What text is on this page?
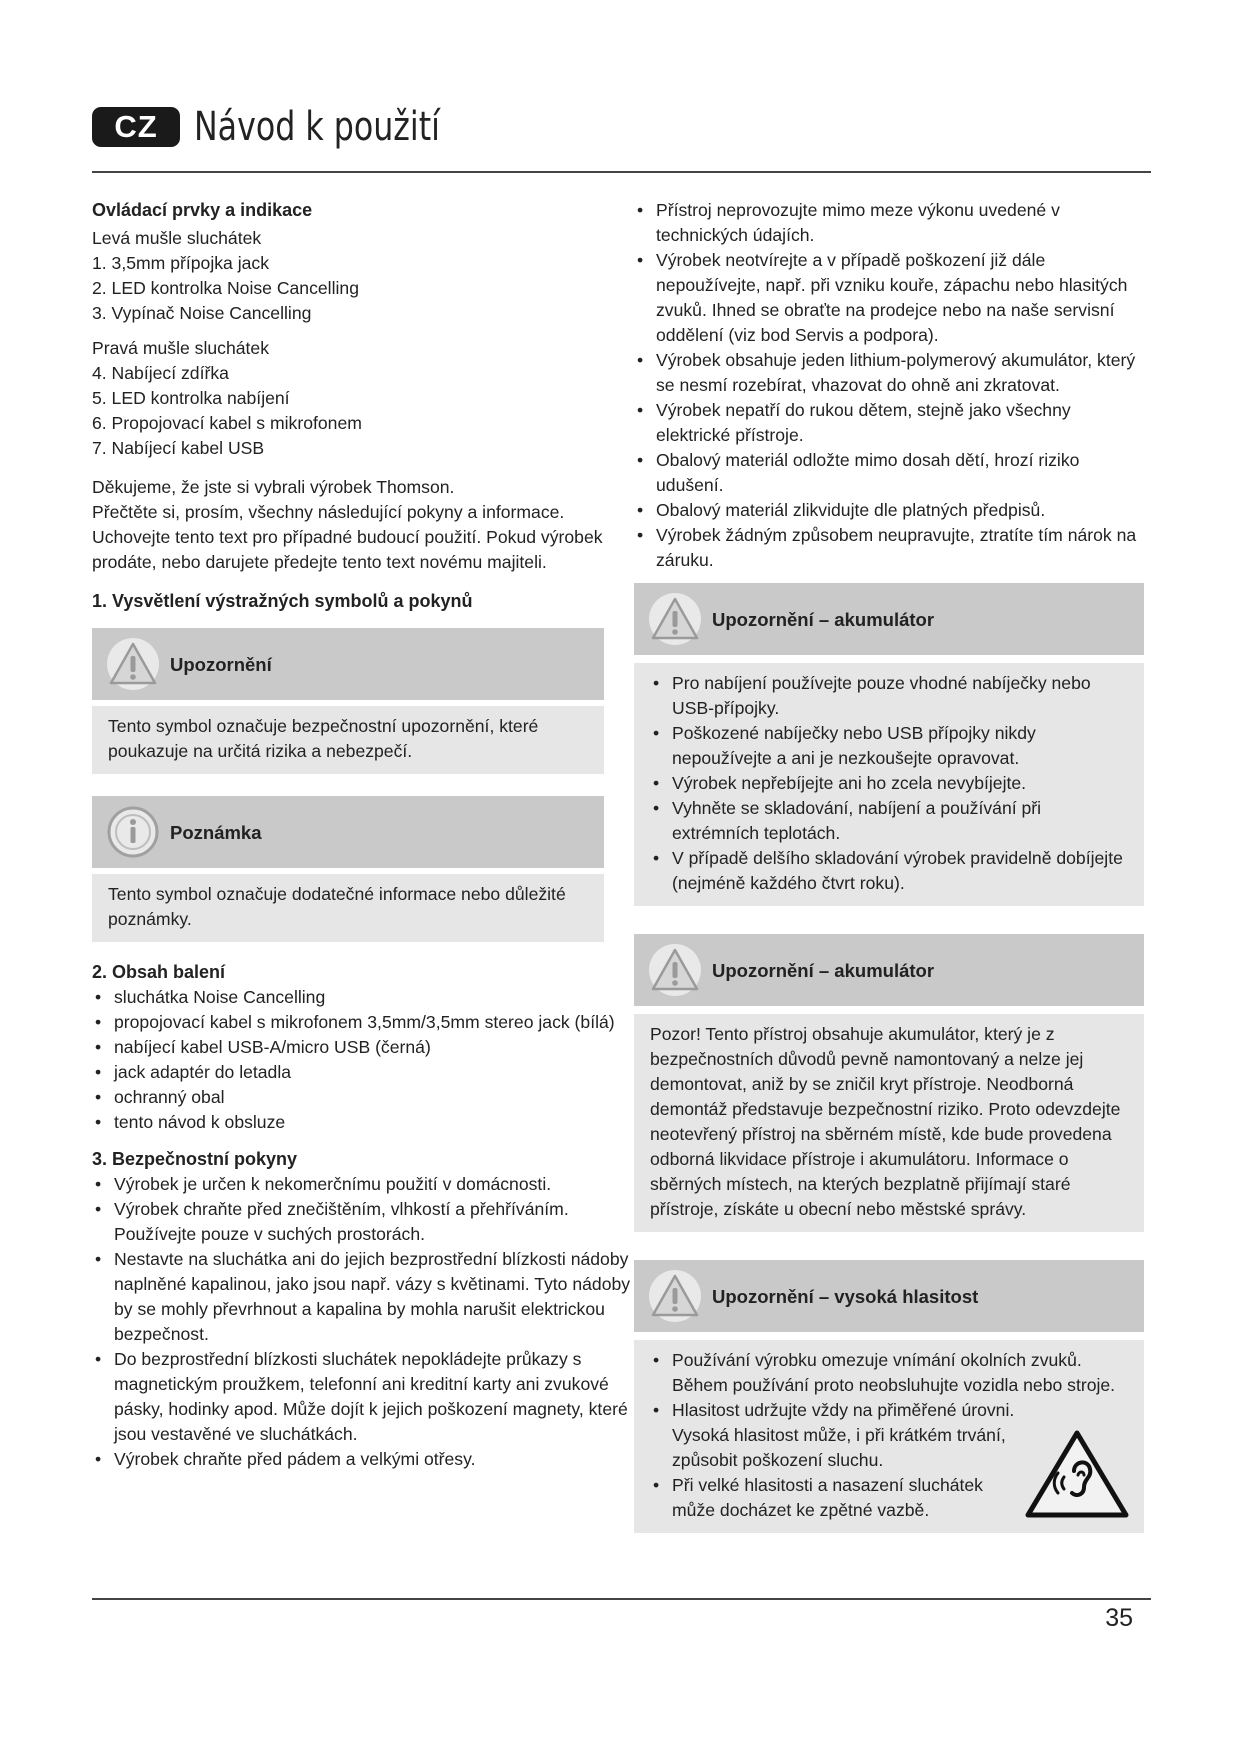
CZ Návod k použití

Ovládací prvky a indikace

Levá mušle sluchátek

1. 3,5mm přípojka jack

2. LED kontrolka Noise Cancelling

3. Vypínač Noise Cancelling

Pravá mušle sluchátek

4. Nabíjecí zdířka

5. LED kontrolka nabíjení

6. Propojovací kabel s mikrofonem

7. Nabíjecí kabel USB

Děkujeme, že jste si vybrali výrobek Thomson.

Přečtěte si, prosím, všechny následující pokyny a informace.

Uchovejte tento text pro případné budoucí použití. Pokud výrobek prodáte, nebo darujete předejte tento text novému majiteli.

1. Vysvětlení výstražných symbolů a pokynů

Upozornění
Tento symbol označuje bezpečnostní upozornění, které poukazuje na určitá rizika a nebezpečí.
Poznámka
Tento symbol označuje dodatečné informace nebo důležité poznámky.

2. Obsah balení

• sluchátka Noise Cancelling
• propojovací kabel s mikrofonem 3,5mm/3,5mm stereo jack (bílá)
• nabíjecí kabel USB-A/micro USB (černá)
• jack adaptér do letadla
• ochranný obal
• tento návod k obsluze

3. Bezpečnostní pokyny

• Výrobek je určen k nekomerčnímu použití v domácnosti.
• Výrobek chraňte před znečištěním, vlhkostí a přehříváním. Používejte pouze v suchých prostorách.
• Nestavte na sluchátka ani do jejich bezprostřední blízkosti nádoby naplněné kapalinou, jako jsou např. vázy s květinami. Tyto nádoby by se mohly převrhnout a kapalina by mohla narušit elektrickou bezpečnost.
• Do bezprostřední blízkosti sluchátek nepokládejte průkazy s magnetickým proužkem, telefonní ani kreditní karty ani zvukové pásky, hodinky apod. Může dojít k jejich poškození magnety, které jsou vestavěné ve sluchátkách.
• Výrobek chraňte před pádem a velkými otřesy.
• Přístroj neprovozujte mimo meze výkonu uvedené v technických údajích.
• Výrobek neotvírejte a v případě poškození již dále nepoužívejte, např. při vzniku kouře, zápachu nebo hlasitých zvuků. Ihned se obraťte na prodejce nebo na naše servisní oddělení (viz bod Servis a podpora).
• Výrobek obsahuje jeden lithium-polymerový akumulátor, který se nesmí rozebírat, vhazovat do ohně ani zkratovat.
• Výrobek nepatří do rukou dětem, stejně jako všechny elektrické přístroje.
• Obalový materiál odložte mimo dosah dětí, hrozí riziko udušení.
• Obalový materiál zlikvidujte dle platných předpisů.
• Výrobek žádným způsobem neupravujte, ztratíte tím nárok na záruku.
Upozornění – akumulátor
• Pro nabíjení používejte pouze vhodné nabíječky nebo USB-přípojky.
• Poškozené nabíječky nebo USB přípojky nikdy nepoužívejte a ani je nezkoušejte opravovat.
• Výrobek nepřebíjejte ani ho zcela nevybíjejte.
• Vyhněte se skladování, nabíjení a používání při extrémních teplotách.
• V případě delšího skladování výrobek pravidelně dobíjejte (nejméně každého čtvrt roku).
Upozornění – akumulátor
Pozor! Tento přístroj obsahuje akumulátor, který je z bezpečnostních důvodů pevně namontovaný a nelze jej demontovat, aniž by se zničil kryt přístroje. Neodborná demontáž představuje bezpečnostní riziko. Proto odevzdejte neotevřený přístroj na sběrném místě, kde bude provedena odborná likvidace přístroje i akumulátoru. Informace o sběrných místech, na kterých bezplatně přijímají staré přístroje, získáte u obecní nebo městské správy.
Upozornění – vysoká hlasitost
• Používání výrobku omezuje vnímání okolních zvuků. Během používání proto neobsluhujte vozidla nebo stroje.
• Hlasitost udržujte vždy na přiměřené úrovni. Vysoká hlasitost může, i při krátkém trvání, způsobit poškození sluchu.
• Při velké hlasitosti a nasazení sluchátek může docházet ke zpětné vazbě.
35
